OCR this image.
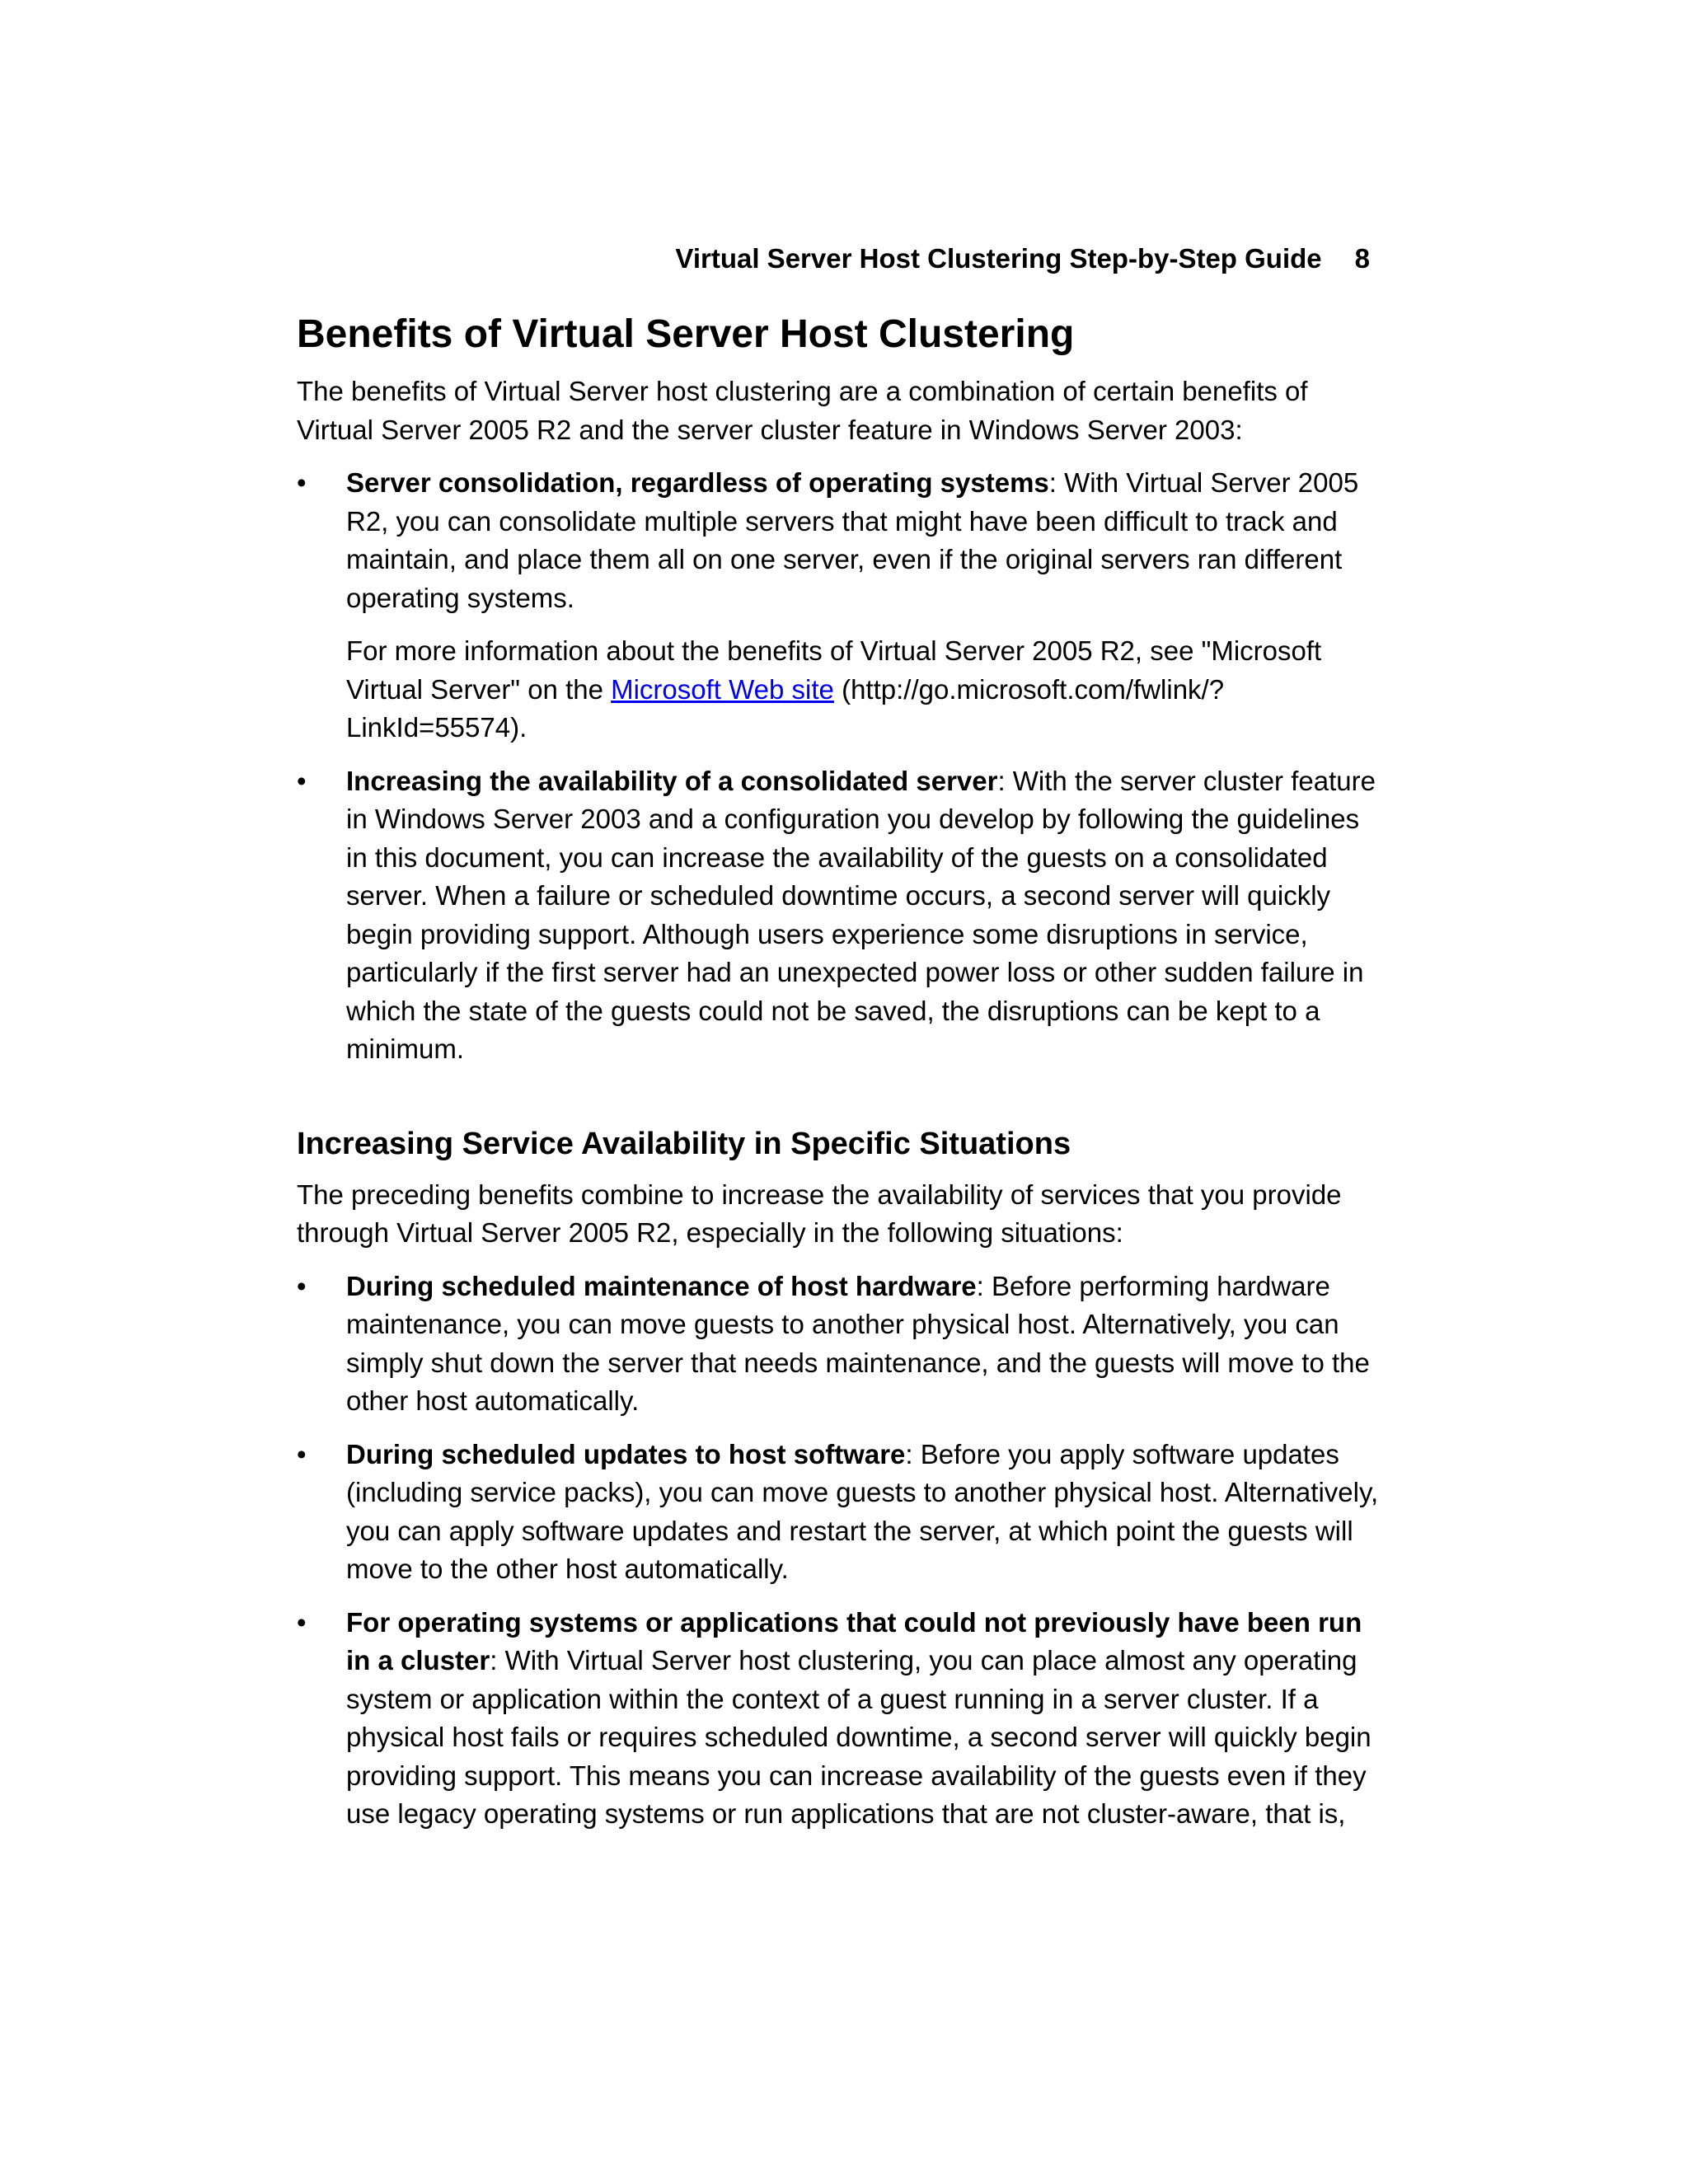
Virtual Server Host Clustering Step-by-Step Guide 8
Benefits of Virtual Server Host Clustering

The benefits of Virtual Server host clustering are a combination of certain benefits of Virtual Server 2005 R2 and the server cluster feature in Windows Server 2003:

• Server consolidation, regardless of operating systems: With Virtual Server 2005 R2, you can consolidate multiple servers that might have been difficult to track and maintain, and place them all on one server, even if the original servers ran different operating systems.

For more information about the benefits of Virtual Server 2005 R2, see "Microsoft Virtual Server" on the Microsoft Web site (http://go.microsoft.com/fwlink/?LinkId=55574).

• Increasing the availability of a consolidated server: With the server cluster feature in Windows Server 2003 and a configuration you develop by following the guidelines in this document, you can increase the availability of the guests on a consolidated server. When a failure or scheduled downtime occurs, a second server will quickly begin providing support. Although users experience some disruptions in service, particularly if the first server had an unexpected power loss or other sudden failure in which the state of the guests could not be saved, the disruptions can be kept to a minimum.

Increasing Service Availability in Specific Situations

The preceding benefits combine to increase the availability of services that you provide through Virtual Server 2005 R2, especially in the following situations:

• During scheduled maintenance of host hardware: Before performing hardware maintenance, you can move guests to another physical host. Alternatively, you can simply shut down the server that needs maintenance, and the guests will move to the other host automatically.

• During scheduled updates to host software: Before you apply software updates (including service packs), you can move guests to another physical host. Alternatively, you can apply software updates and restart the server, at which point the guests will move to the other host automatically.

• For operating systems or applications that could not previously have been run in a cluster: With Virtual Server host clustering, you can place almost any operating system or application within the context of a guest running in a server cluster. If a physical host fails or requires scheduled downtime, a second server will quickly begin providing support. This means you can increase availability of the guests even if they use legacy operating systems or run applications that are not cluster-aware, that is,
